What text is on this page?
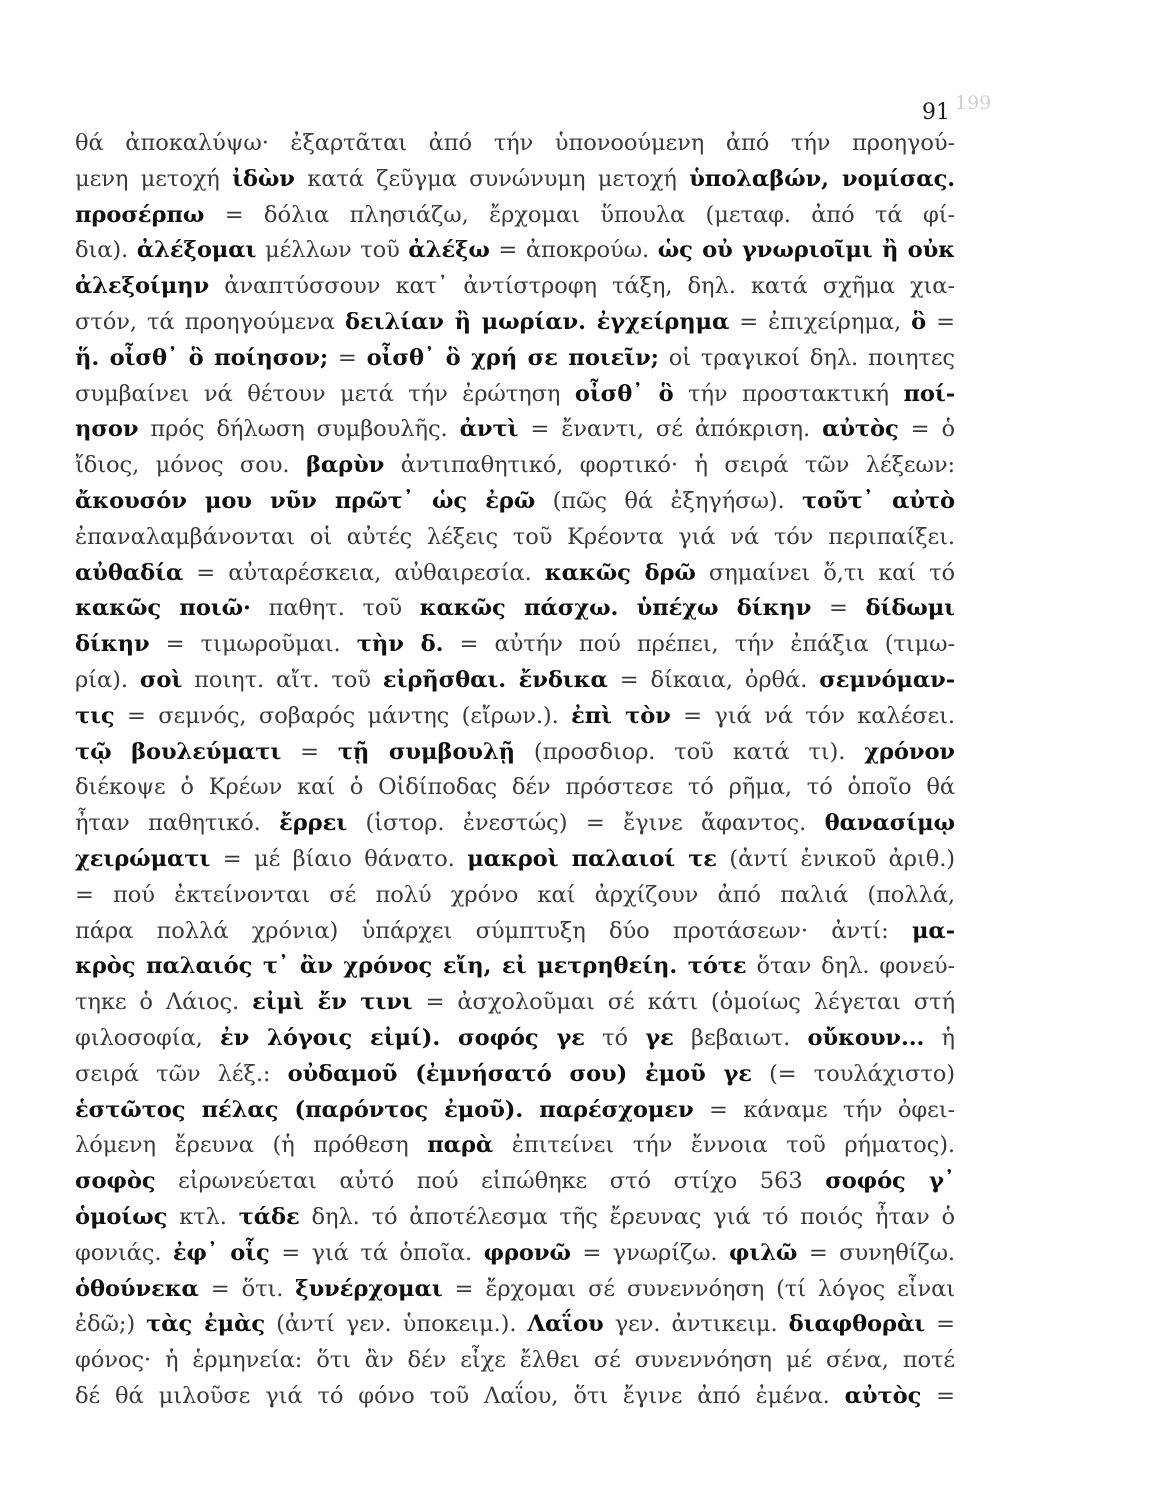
91 199
θά ἀποκαλύψω· ἐξαρτᾶται ἀπό τήν ὑπονοούμενη ἀπό τήν προηγού-
μενη μετοχή ἰδὼν κατά ζεῦγμα συνώνυμη μετοχή ὑπολαβών, νομίσας.
προσέρπω = δόλια πλησιάζω, ἔρχομαι ὕπουλα (μεταφ. ἀπό τά φί-
δια). ἀλέξομαι μέλλων τοῦ ἀλέξω = ἀποκρούω. ὡς οὐ γνωριοῖμι ἢ οὐκ
ἀλεξοίμην ἀναπτύσσουν κατ᾽ ἀντίστροφη τάξη, δηλ. κατά σχῆμα χια-
στόν, τά προηγούμενα δειλίαν ἢ μωρίαν. ἐγχείρημα = ἐπιχείρημα, ὃ =
ἥ. οἶσθ᾽ ὃ ποίησον; = οἶσθ᾽ ὃ χρή σε ποιεῖν; οἱ τραγικοί δηλ. ποιητες
συμβαίνει νά θέτουν μετά τήν ἐρώτηση οἶσθ᾽ ὃ τήν προστακτική ποί-
ησον πρός δήλωση συμβουλῆς. ἀντὶ = ἔναντι, σέ ἀπόκριση. αὐτὸς = ὁ
ἴδιος, μόνος σου. βαρὺν ἀντιπαθητικό, φορτικό· ἡ σειρά τῶν λέξεων:
ἄκουσόν μου νῦν πρῶτ᾽ ὡς ἐρῶ (πῶς θά ἐξηγήσω). τοῦτ᾽ αὐτὸ
ἐπαναλαμβάνονται οἱ αὐτές λέξεις τοῦ Κρέοντα γιά νά τόν περιπαίξει.
αὐθαδία = αὐταρέσκεια, αὐθαιρεσία. κακῶς δρῶ σημαίνει ὅ,τι καί τό
κακῶς ποιῶ· παθητ. τοῦ κακῶς πάσχω. ὑπέχω δίκην = δίδωμι
δίκην = τιμωροῦμαι. τὴν δ. = αὐτήν πού πρέπει, τήν ἐπάξια (τιμω-
ρία). σοὶ ποιητ. αἴτ. τοῦ εἰρῆσθαι. ἔνδικα = δίκαια, ὀρθά. σεμνόμαν-
τις = σεμνός, σοβαρός μάντης (εἴρων.). ἐπὶ τὸν = γιά νά τόν καλέσει.
τῷ βουλεύματι = τῇ συμβουλῇ (προσδιορ. τοῦ κατά τι). χρόνον
διέκοψε ὁ Κρέων καί ὁ Οἰδίποδας δέν πρόστεσε τό ρῆμα, τό ὁποῖο θά
ἦταν παθητικό. ἔρρει (ἱστορ. ἐνεστώς) = ἔγινε ἄφαντος. θανασίμῳ
χειρώματι = μέ βίαιο θάνατο. μακροὶ παλαιοί τε (ἀντί ἑνικοῦ ἀριθ.)
= πού ἐκτείνονται σέ πολύ χρόνο καί ἀρχίζουν ἀπό παλιά (πολλά,
πάρα πολλά χρόνια) ὑπάρχει σύμπτυξη δύο προτάσεων· ἀντί: μα-
κρὸς παλαιός τ᾽ ἂν χρόνος εἴη, εἰ μετρηθείη. τότε ὅταν δηλ. φονεύ-
τηκε ὁ Λάιος. εἰμὶ ἔν τινι = ἀσχολοῦμαι σέ κάτι (ὁμοίως λέγεται στή
φιλοσοφία, ἐν λόγοις εἰμί). σοφός γε τό γε βεβαιωτ. οὔκουν... ἡ
σειρά τῶν λέξ.: οὐδαμοῦ (ἐμνήσατό σου) ἐμοῦ γε (= τουλάχιστο)
ἑστῶτος πέλας (παρόντος ἐμοῦ). παρέσχομεν = κάναμε τήν ὀφει-
λόμενη ἔρευνα (ἡ πρόθεση παρὰ ἐπιτείνει τήν ἔννοια τοῦ ρήματος).
σοφὸς εἰρωνεύεται αὐτό πού εἰπώθηκε στό στίχο 563 σοφός γ᾽
ὁμοίως κτλ. τάδε δηλ. τό ἀποτέλεσμα τῆς ἔρευνας γιά τό ποιός ἦταν ὁ
φονιάς. ἐφ᾽ οἷς = γιά τά ὁποῖα. φρονῶ = γνωρίζω. φιλῶ = συνηθίζω.
ὁθούνεκα = ὅτι. ξυνέρχομαι = ἔρχομαι σέ συνεννόηση (τί λόγος εἶναι
ἐδῶ;) τὰς ἐμὰς (ἀντί γεν. ὑποκειμ.). Λαΐου γεν. ἀντικειμ. διαφθορὰι =
φόνος· ἡ ἑρμηνεία: ὅτι ἂν δέν εἶχε ἔλθει σέ συνεννόηση μέ σένα, ποτέ
δέ θά μιλοῦσε γιά τό φόνο τοῦ Λαΐου, ὅτι ἔγινε ἀπό ἐμένα. αὐτὸς =
